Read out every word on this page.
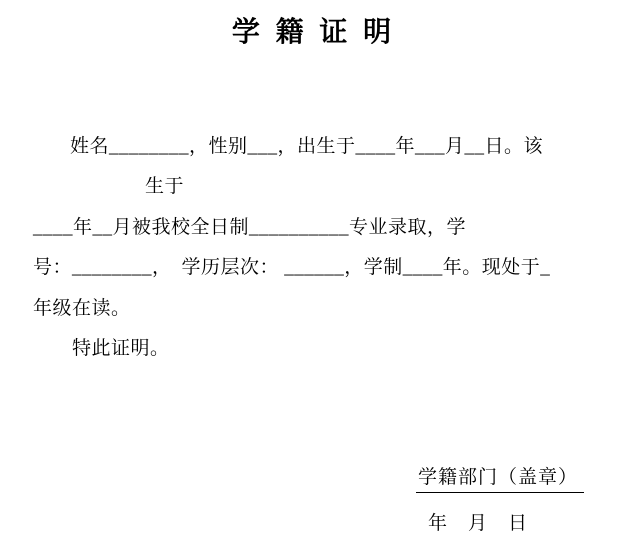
学 籍 证 明
姓名________，性别___，出生于____年___月__日。该
生于
____年__月被我校全日制__________专业录取，学
号：________，　学历层次： ______，学制____年。现处于_
年级在读。
特此证明。
学籍部门（盖章）
年　月　日
